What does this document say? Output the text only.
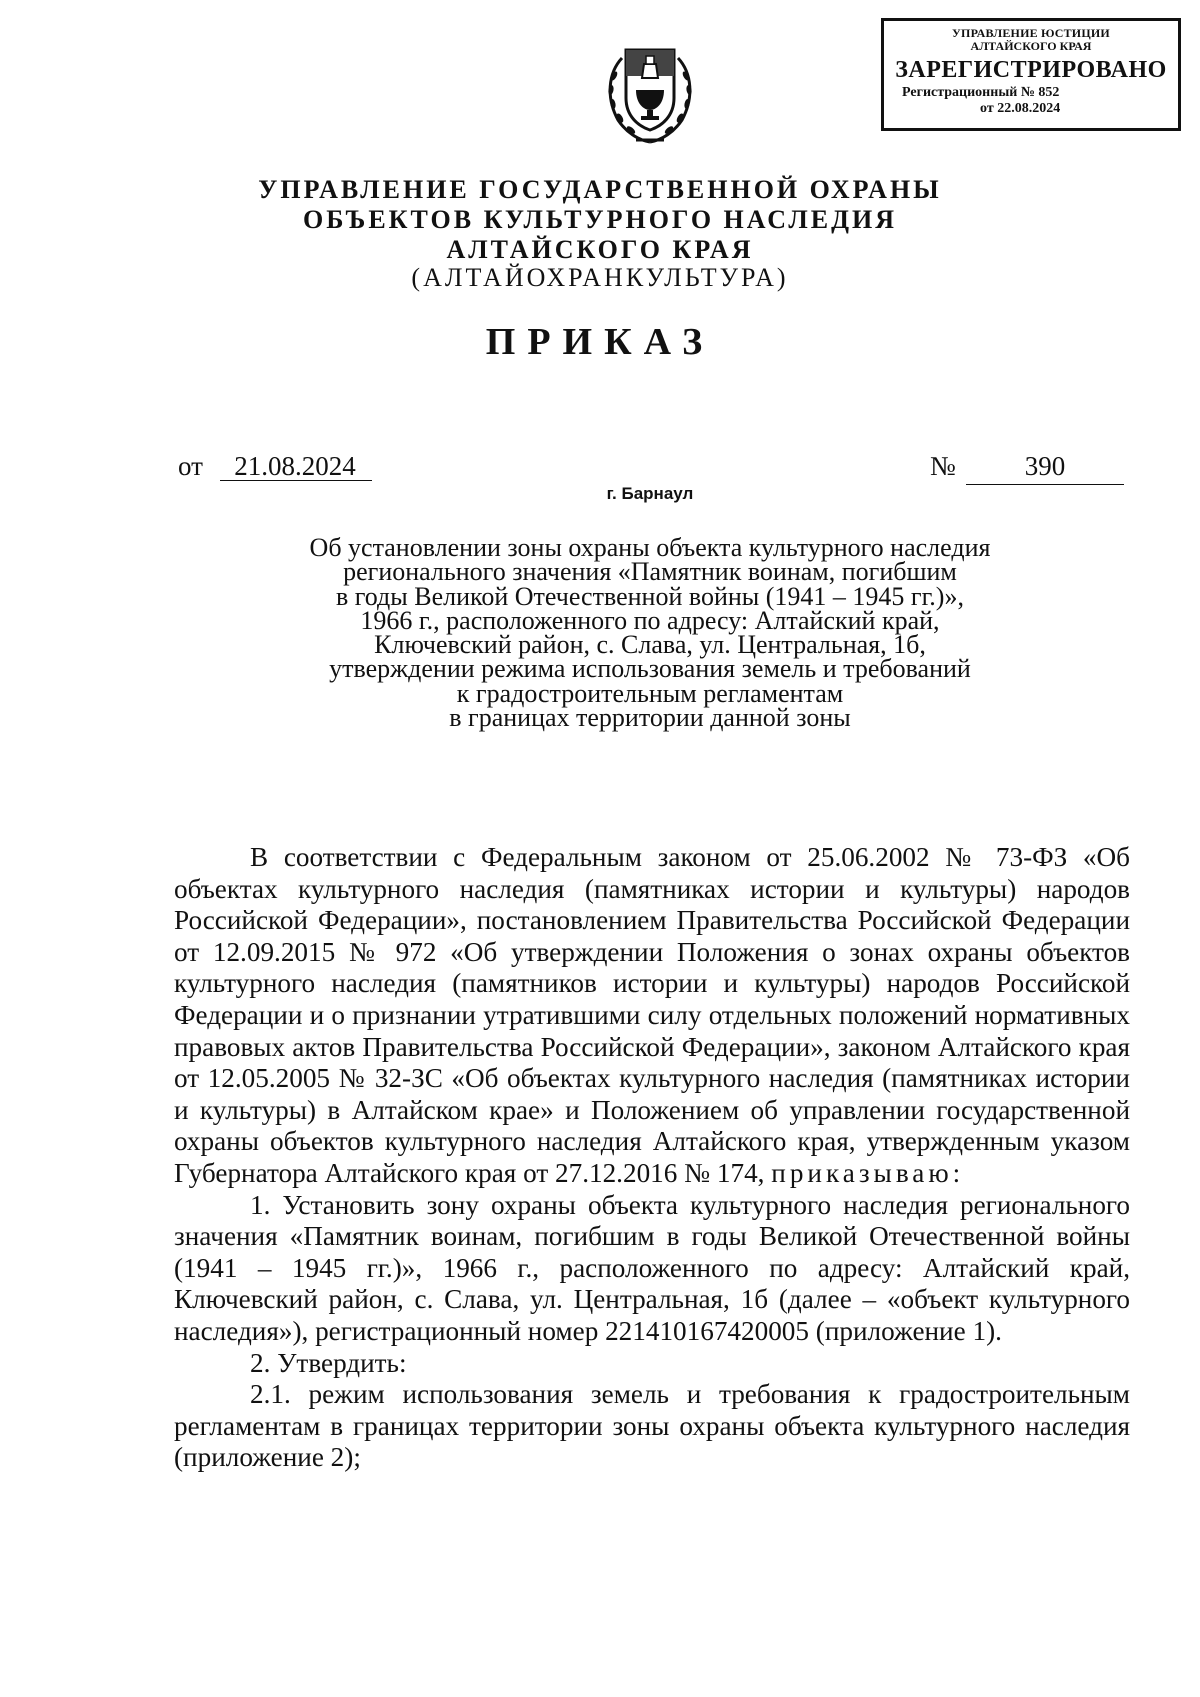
УПРАВЛЕНИЕ ЮСТИЦИИ
АЛТАЙСКОГО КРАЯ
ЗАРЕГИСТРИРОВАНО
Регистрационный № 852
от 22.08.2024
УПРАВЛЕНИЕ ГОСУДАРСТВЕННОЙ ОХРАНЫ
ОБЪЕКТОВ КУЛЬТУРНОГО НАСЛЕДИЯ
АЛТАЙСКОГО КРАЯ
(АЛТАЙОХРАНКУЛЬТУРА)
ПРИКАЗ
от	21.08.2024	№	390
г. Барнаул
Об установлении зоны охраны объекта культурного наследия
регионального значения «Памятник воинам, погибшим
в годы Великой Отечественной войны (1941 – 1945 гг.)»,
1966 г., расположенного по адресу: Алтайский край,
Ключевский район, с. Слава, ул. Центральная, 1б,
утверждении режима использования земель и требований
к градостроительным регламентам
в границах территории данной зоны

В соответствии с Федеральным законом от 25.06.2002 № 73-ФЗ «Об объектах культурного наследия (памятниках истории и культуры) народов Российской Федерации», постановлением Правительства Российской Федерации от 12.09.2015 № 972 «Об утверждении Положения о зонах охраны объектов культурного наследия (памятников истории и культуры) народов Российской Федерации и о признании утратившими силу отдельных положений нормативных правовых актов Правительства Российской Федерации», законом Алтайского края от 12.05.2005 № 32-ЗС «Об объектах культурного наследия (памятниках истории и культуры) в Алтайском крае» и Положением об управлении государственной охраны объектов культурного наследия Алтайского края, утвержденным указом Губернатора Алтайского края от 27.12.2016 № 174, приказываю:

1. Установить зону охраны объекта культурного наследия регионального значения «Памятник воинам, погибшим в годы Великой Отечественной войны (1941 – 1945 гг.)», 1966 г., расположенного по адресу: Алтайский край, Ключевский район, с. Слава, ул. Центральная, 1б (далее – «объект культурного наследия»), регистрационный номер 221410167420005 (приложение 1).

2. Утвердить:

2.1. режим использования земель и требования к градостроительным регламентам в границах территории зоны охраны объекта культурного наследия (приложение 2);
